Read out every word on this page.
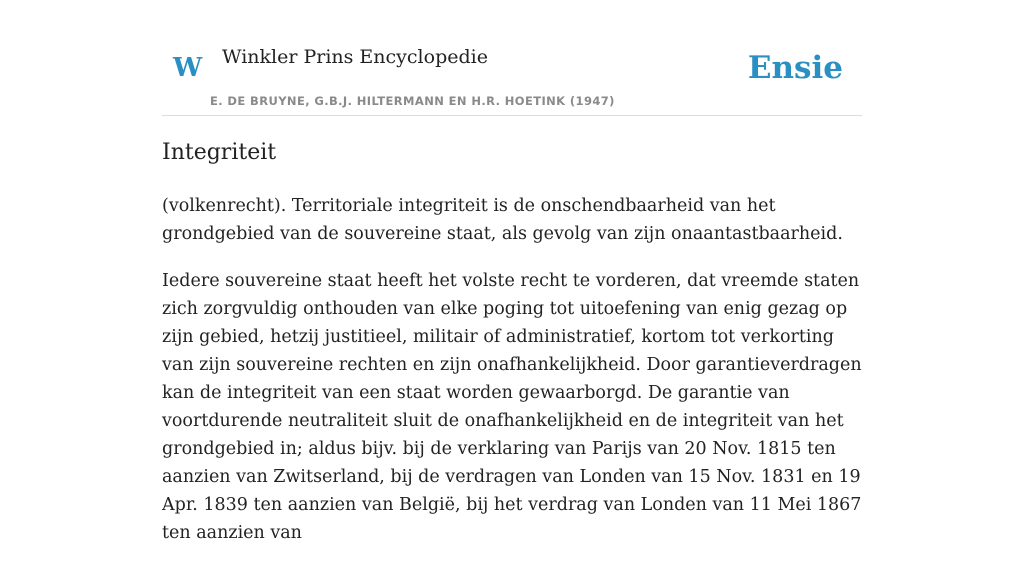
W Winkler Prins Encyclopedie
E. DE BRUYNE, G.B.J. HILTERMANN EN H.R. HOETINK (1947)
Ensie
Integriteit

(volkenrecht). Territoriale integriteit is de onschendbaarheid van het grondgebied van de souvereine staat, als gevolg van zijn onaantastbaarheid.

Iedere souvereine staat heeft het volste recht te vorderen, dat vreemde staten zich zorgvuldig onthouden van elke poging tot uitoefening van enig gezag op zijn gebied, hetzij justitieel, militair of administratief, kortom tot verkorting van zijn souvereine rechten en zijn onafhankelijkheid. Door garantieverdragen kan de integriteit van een staat worden gewaarborgd. De garantie van voortdurende neutraliteit sluit de onafhankelijkheid en de integriteit van het grondgebied in; aldus bijv. bij de verklaring van Parijs van 20 Nov. 1815 ten aanzien van Zwitserland, bij de verdragen van Londen van 15 Nov. 1831 en 19 Apr. 1839 ten aanzien van België, bij het verdrag van Londen van 11 Mei 1867 ten aanzien van
